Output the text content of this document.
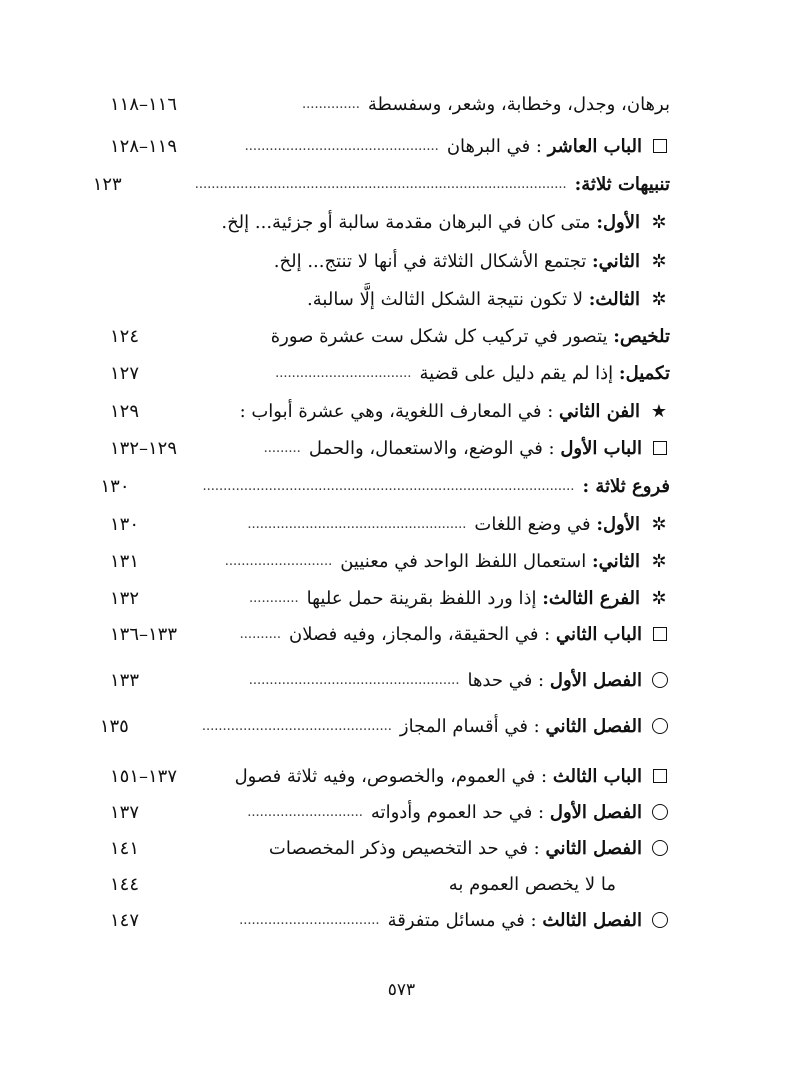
برهان، وجدل، وخطابة، وشعر، وسفسطة
..............
١١٦–١١٨
الباب العاشر

: في البرهان
...............................................
١١٩–١٢٨
تنبيهات ثلاثة:
..........................................................................................
١٢٣
✲
الأول:

متى كان في البرهان مقدمة سالبة أو جزئية... إلخ.
✲
الثاني:

تجتمع الأشكال الثلاثة في أنها لا تنتج... إلخ.
✲
الثالث:

لا تكون نتيجة الشكل الثالث إلَّا سالبة.
تلخيص:

يتصور في تركيب كل شكل ست عشرة صورة
١٢٤
تكميل:

إذا لم يقم دليل على قضية
.................................
١٢٧
★
الفن الثاني

: في المعارف اللغوية، وهي عشرة أبواب :
١٢٩
الباب الأول

: في الوضع، والاستعمال، والحمل
.........
١٢٩–١٣٢
فروع ثلاثة :
..........................................................................................
١٣٠
✲
الأول:

في وضع اللغات
.....................................................
١٣٠
✲
الثاني:

استعمال اللفظ الواحد في معنيين
..........................
١٣١
✲
الفرع الثالث:

إذا ورد اللفظ بقرينة حمل عليها
............
١٣٢
الباب الثاني

: في الحقيقة، والمجاز، وفيه فصلان
..........
١٣٣–١٣٦
الفصل الأول

: في حدها
...................................................
١٣٣
الفصل الثاني

: في أقسام المجاز
..............................................
١٣٥
الباب الثالث

: في العموم، والخصوص، وفيه ثلاثة فصول
١٣٧–١٥١
الفصل الأول

: في حد العموم وأدواته
............................
١٣٧
الفصل الثاني

: في حد التخصيص وذكر المخصصات
١٤١
ما لا يخصص العموم به
١٤٤
الفصل الثالث

: في مسائل متفرقة
..................................
١٤٧
٥٧٣
